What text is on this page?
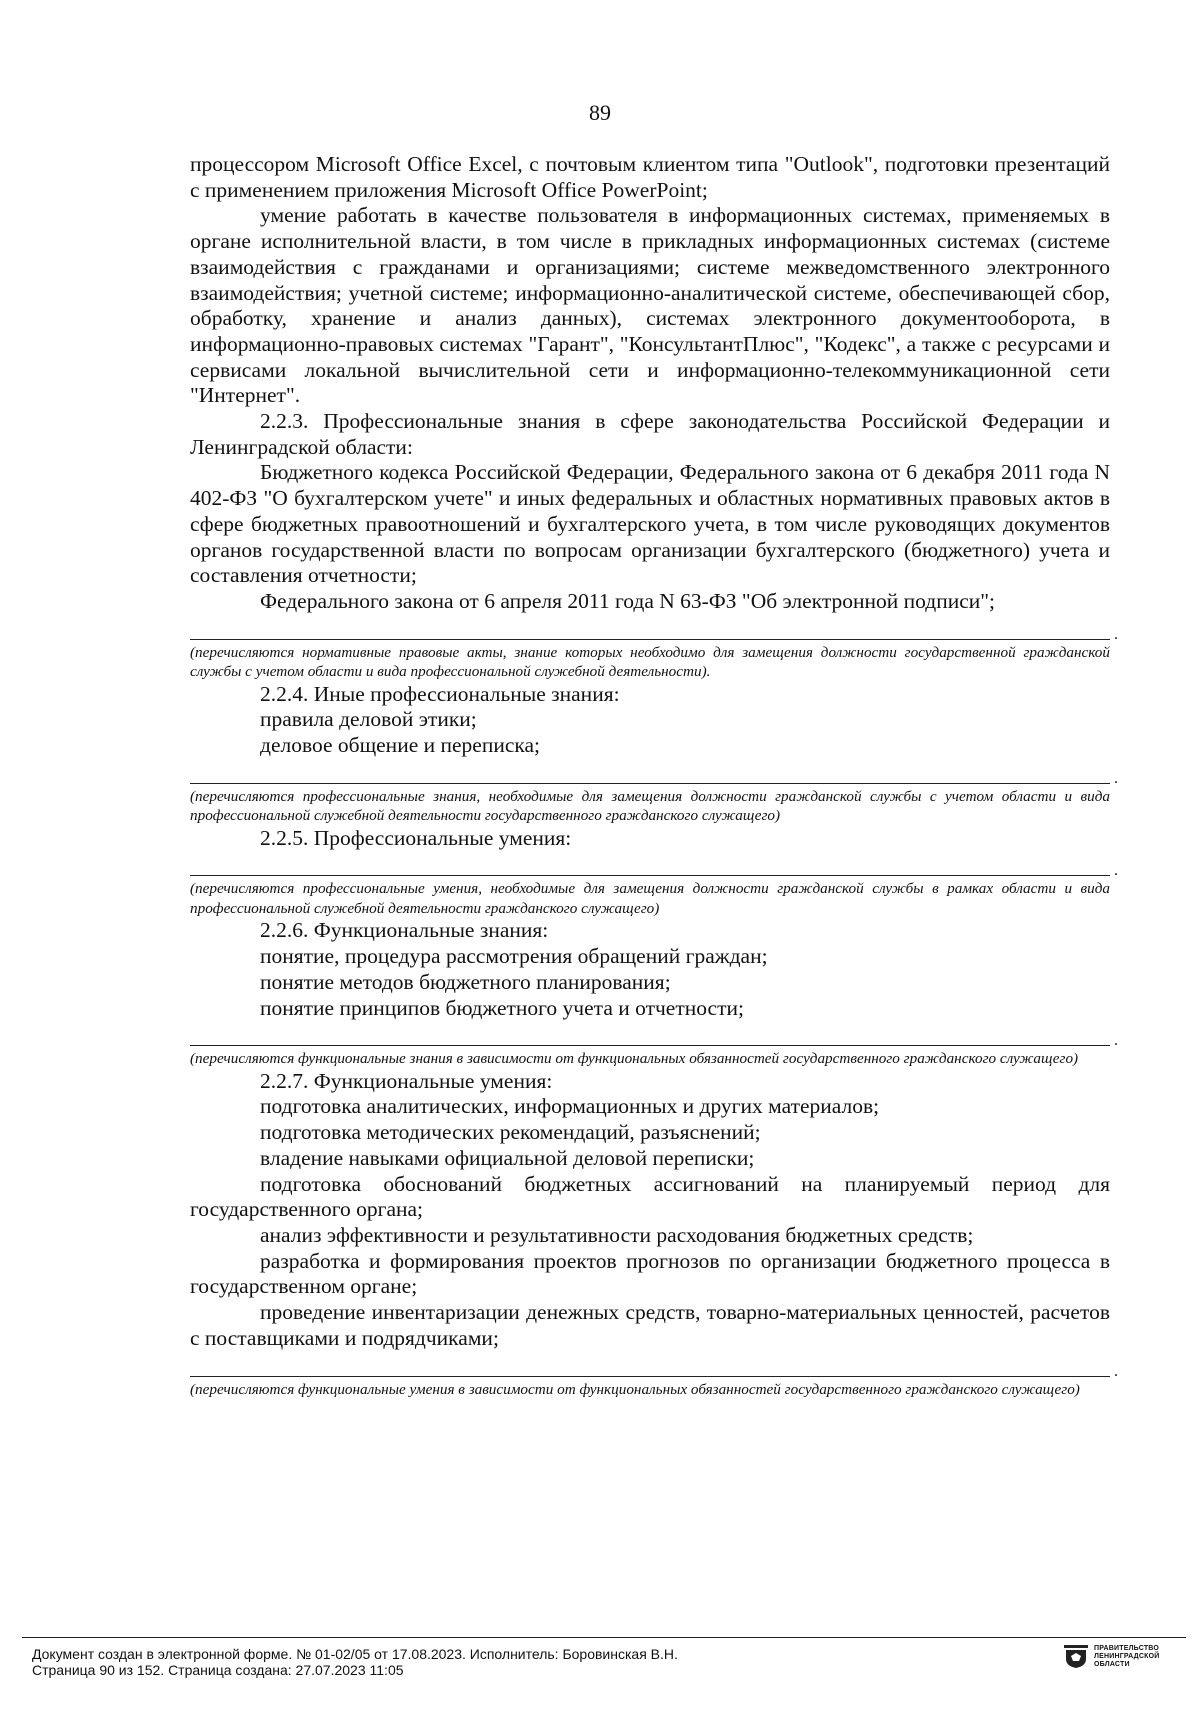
89

процессором Microsoft Office Excel, с почтовым клиентом типа "Outlook", подготовки презентаций с применением приложения Microsoft Office PowerPoint;

умение работать в качестве пользователя в информационных системах, применяемых в органе исполнительной власти, в том числе в прикладных информационных системах (системе взаимодействия с гражданами и организациями; системе межведомственного электронного взаимодействия; учетной системе; информационно-аналитической системе, обеспечивающей сбор, обработку, хранение и анализ данных), системах электронного документооборота, в информационно-правовых системах "Гарант", "КонсультантПлюс", "Кодекс", а также с ресурсами и сервисами локальной вычислительной сети и информационно-телекоммуникационной сети "Интернет".

2.2.3. Профессиональные знания в сфере законодательства Российской Федерации и Ленинградской области:

Бюджетного кодекса Российской Федерации, Федерального закона от 6 декабря 2011 года N 402-ФЗ "О бухгалтерском учете" и иных федеральных и областных нормативных правовых актов в сфере бюджетных правоотношений и бухгалтерского учета, в том числе руководящих документов органов государственной власти по вопросам организации бухгалтерского (бюджетного) учета и составления отчетности;

Федерального закона от 6 апреля 2011 года N 63-ФЗ "Об электронной подписи";

.

(перечисляются нормативные правовые акты, знание которых необходимо для замещения должности государственной гражданской службы с учетом области и вида профессиональной служебной деятельности).

2.2.4. Иные профессиональные знания:

правила деловой этики;

деловое общение и переписка;

.

(перечисляются профессиональные знания, необходимые для замещения должности гражданской службы с учетом области и вида профессиональной служебной деятельности государственного гражданского служащего)

2.2.5. Профессиональные умения:

.

(перечисляются профессиональные умения, необходимые для замещения должности гражданской службы в рамках области и вида профессиональной служебной деятельности гражданского служащего)

2.2.6. Функциональные знания:

понятие, процедура рассмотрения обращений граждан;

понятие методов бюджетного планирования;

понятие принципов бюджетного учета и отчетности;

.

(перечисляются функциональные знания в зависимости от функциональных обязанностей государственного гражданского служащего)

2.2.7. Функциональные умения:

подготовка аналитических, информационных и других материалов;

подготовка методических рекомендаций, разъяснений;

владение навыками официальной деловой переписки;

подготовка обоснований бюджетных ассигнований на планируемый период для государственного органа;

анализ эффективности и результативности расходования бюджетных средств;

разработка и формирования проектов прогнозов по организации бюджетного процесса в государственном органе;

проведение инвентаризации денежных средств, товарно-материальных ценностей, расчетов с поставщиками и подрядчиками;

.

(перечисляются функциональные умения в зависимости от функциональных обязанностей государственного гражданского служащего)

Документ создан в электронной форме. № 01-02/05 от 17.08.2023. Исполнитель: Боровинская В.Н.
Страница 90 из 152. Страница создана: 27.07.2023 11:05
ПРАВИТЕЛЬСТВО
ЛЕНИНГРАДСКОЙ
ОБЛАСТИ
